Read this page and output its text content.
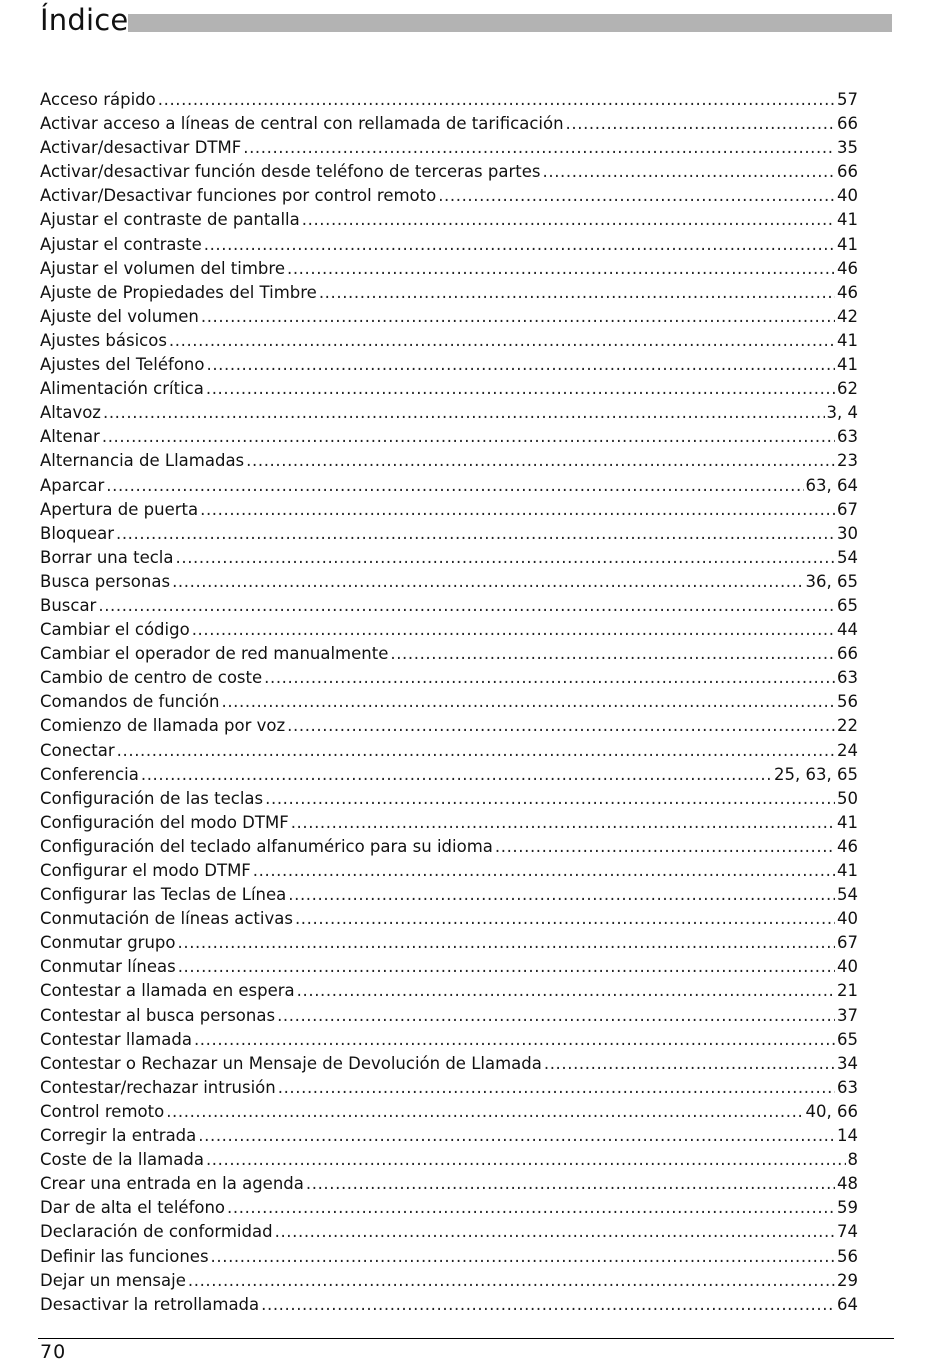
Índice
Acceso rápido .....	57
Activar acceso a líneas de central con rellamada de tarificación .....	66
Activar/desactivar DTMF .....	35
Activar/desactivar función desde teléfono de terceras partes .....	66
Activar/Desactivar funciones por control remoto .....	40
Ajustar el contraste de pantalla .....	41
Ajustar el contraste .....	41
Ajustar el volumen del timbre .....	46
Ajuste de Propiedades del Timbre .....	46
Ajuste del volumen .....	42
Ajustes básicos .....	41
Ajustes del Teléfono .....	41
Alimentación crítica .....	62
Altavoz .....	3, 4
Altenar .....	63
Alternancia de Llamadas .....	23
Aparcar .....	63, 64
Apertura de puerta .....	67
Bloquear .....	30
Borrar una tecla .....	54
Busca personas .....	36, 65
Buscar .....	65
Cambiar el código .....	44
Cambiar el operador de red manualmente .....	66
Cambio de centro de coste .....	63
Comandos de función .....	56
Comienzo de llamada por voz .....	22
Conectar .....	24
Conferencia .....	25, 63, 65
Configuración de las teclas .....	50
Configuración del modo DTMF .....	41
Configuración del teclado alfanumérico para su idioma .....	46
Configurar el modo DTMF .....	41
Configurar las Teclas de Línea .....	54
Conmutación de líneas activas .....	40
Conmutar grupo .....	67
Conmutar líneas .....	40
Contestar a llamada en espera .....	21
Contestar al busca personas .....	37
Contestar llamada .....	65
Contestar o Rechazar un Mensaje de Devolución de Llamada .....	34
Contestar/rechazar intrusión .....	63
Control remoto .....	40, 66
Corregir la entrada .....	14
Coste de la llamada .....	8
Crear una entrada en la agenda .....	48
Dar de alta el teléfono .....	59
Declaración de conformidad .....	74
Definir las funciones .....	56
Dejar un mensaje .....	29
Desactivar la retrollamada .....	64
70
